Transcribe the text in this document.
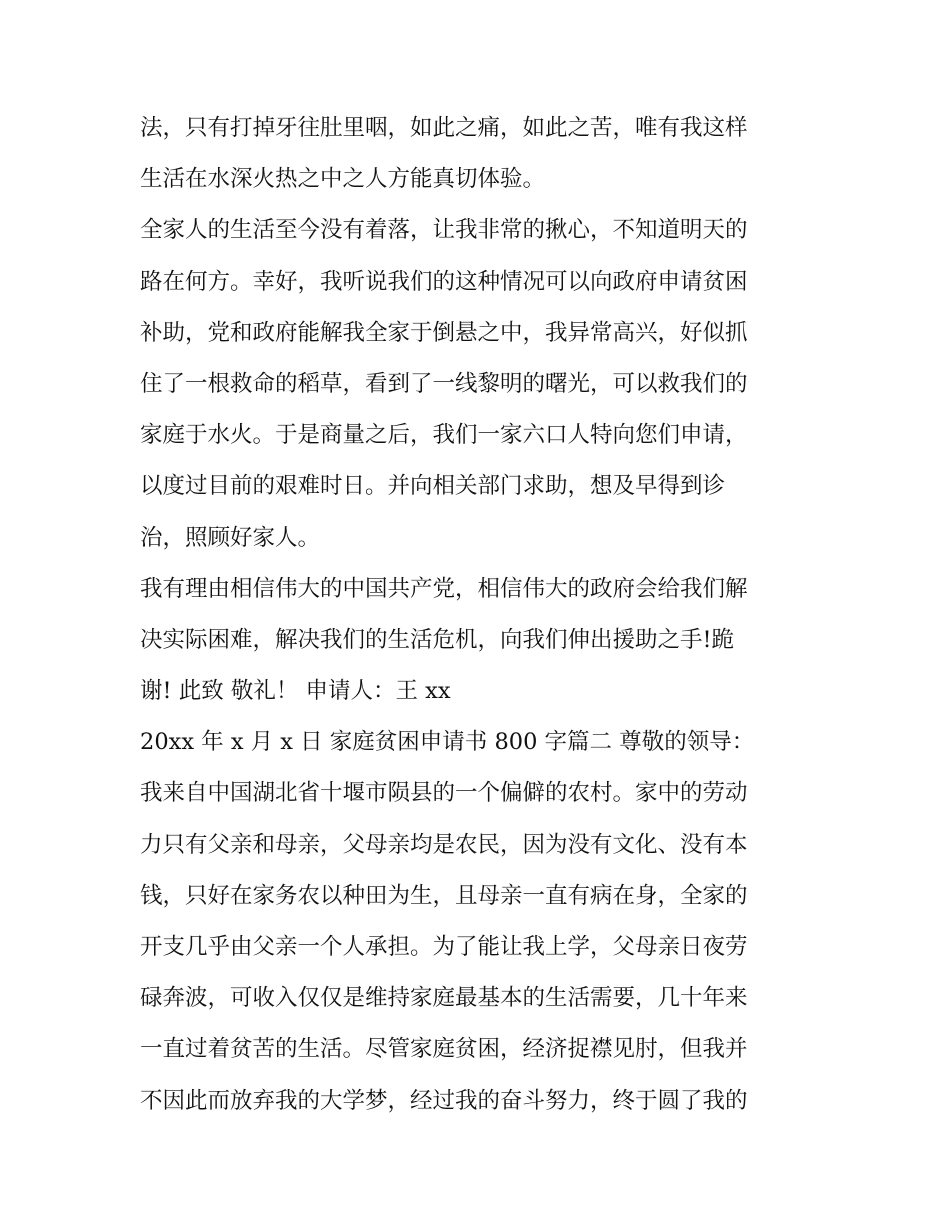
法，只有打掉牙往肚里咽，如此之痛，如此之苦，唯有我这样
生活在水深火热之中之人方能真切体验。
全家人的生活至今没有着落，让我非常的揪心，不知道明天的
路在何方。幸好，我听说我们的这种情况可以向政府申请贫困
补助，党和政府能解我全家于倒悬之中，我异常高兴，好似抓
住了一根救命的稻草，看到了一线黎明的曙光，可以救我们的
家庭于水火。于是商量之后，我们一家六口人特向您们申请，
以度过目前的艰难时日。并向相关部门求助，想及早得到诊
治，照顾好家人。
我有理由相信伟大的中国共产党，相信伟大的政府会给我们解
决实际困难，解决我们的生活危机，向我们伸出援助之手!跪
谢! 此致 敬礼！ 申请人：王 xx
20xx 年 x 月 x 日 家庭贫困申请书 800 字篇二 尊敬的领导：
我来自中国湖北省十堰市陨县的一个偏僻的农村。家中的劳动
力只有父亲和母亲，父母亲均是农民，因为没有文化、没有本
钱，只好在家务农以种田为生，且母亲一直有病在身，全家的
开支几乎由父亲一个人承担。为了能让我上学，父母亲日夜劳
碌奔波，可收入仅仅是维持家庭最基本的生活需要，几十年来
一直过着贫苦的生活。尽管家庭贫困，经济捉襟见肘，但我并
不因此而放弃我的大学梦，经过我的奋斗努力，终于圆了我的
